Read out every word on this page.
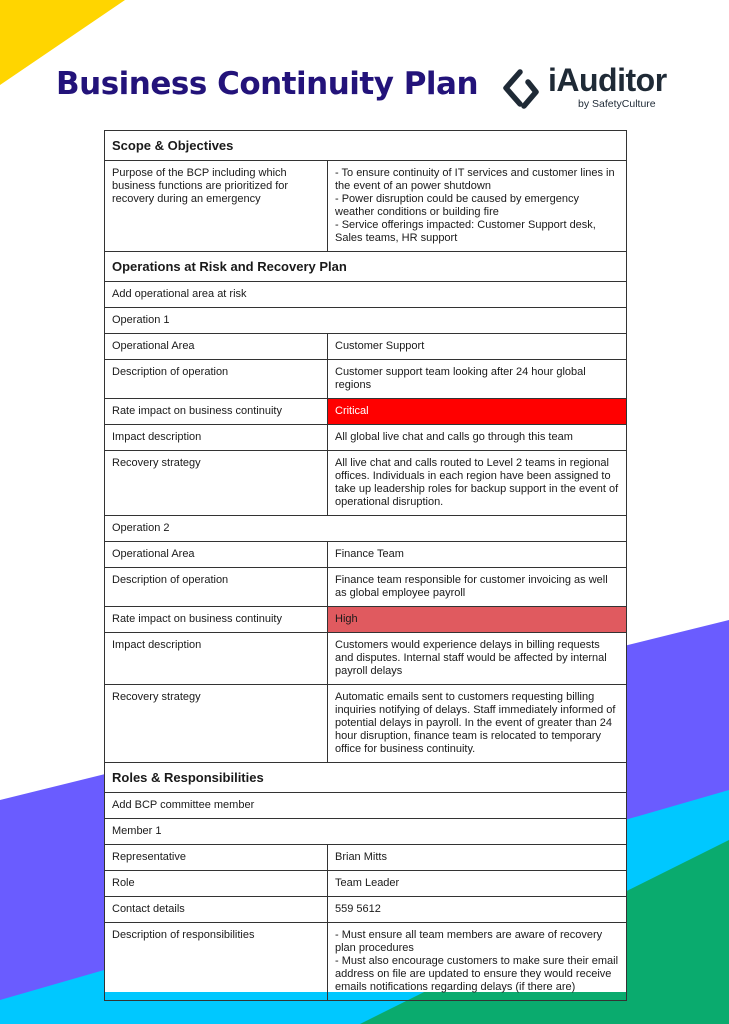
Business Continuity Plan iAuditor
by SafetyCulture
Scope & Objectives	
Purpose of the BCP including which business functions are prioritized for recovery during an emergency	- To ensure continuity of IT services and customer lines in the event of an power shutdown
- Power disruption could be caused by emergency weather conditions or building fire
- Service offerings impacted: Customer Support desk, Sales teams, HR support
Operations at Risk and Recovery Plan	
Add operational area at risk	
Operation 1	
Operational Area	Customer Support
Description of operation	Customer support team looking after 24 hour global regions
Rate impact on business continuity	Critical
Impact description	All global live chat and calls go through this team
Recovery strategy	All live chat and calls routed to Level 2 teams in regional offices. Individuals in each region have been assigned to take up leadership roles for backup support in the event of operational disruption.
Operation 2	
Operational Area	Finance Team
Description of operation	Finance team responsible for customer invoicing as well as global employee payroll
Rate impact on business continuity	High
Impact description	Customers would experience delays in billing requests and disputes. Internal staff would be affected by internal payroll delays
Recovery strategy	Automatic emails sent to customers requesting billing inquiries notifying of delays. Staff immediately informed of potential delays in payroll. In the event of greater than 24 hour disruption, finance team is relocated to temporary office for business continuity.
Roles & Responsibilities	
Add BCP committee member	
Member 1	
Representative	Brian Mitts
Role	Team Leader
Contact details	559 5612
Description of responsibilities	- Must ensure all team members are aware of recovery plan procedures
- Must also encourage customers to make sure their email address on file are updated to ensure they would receive emails notifications regarding delays (if there are)
